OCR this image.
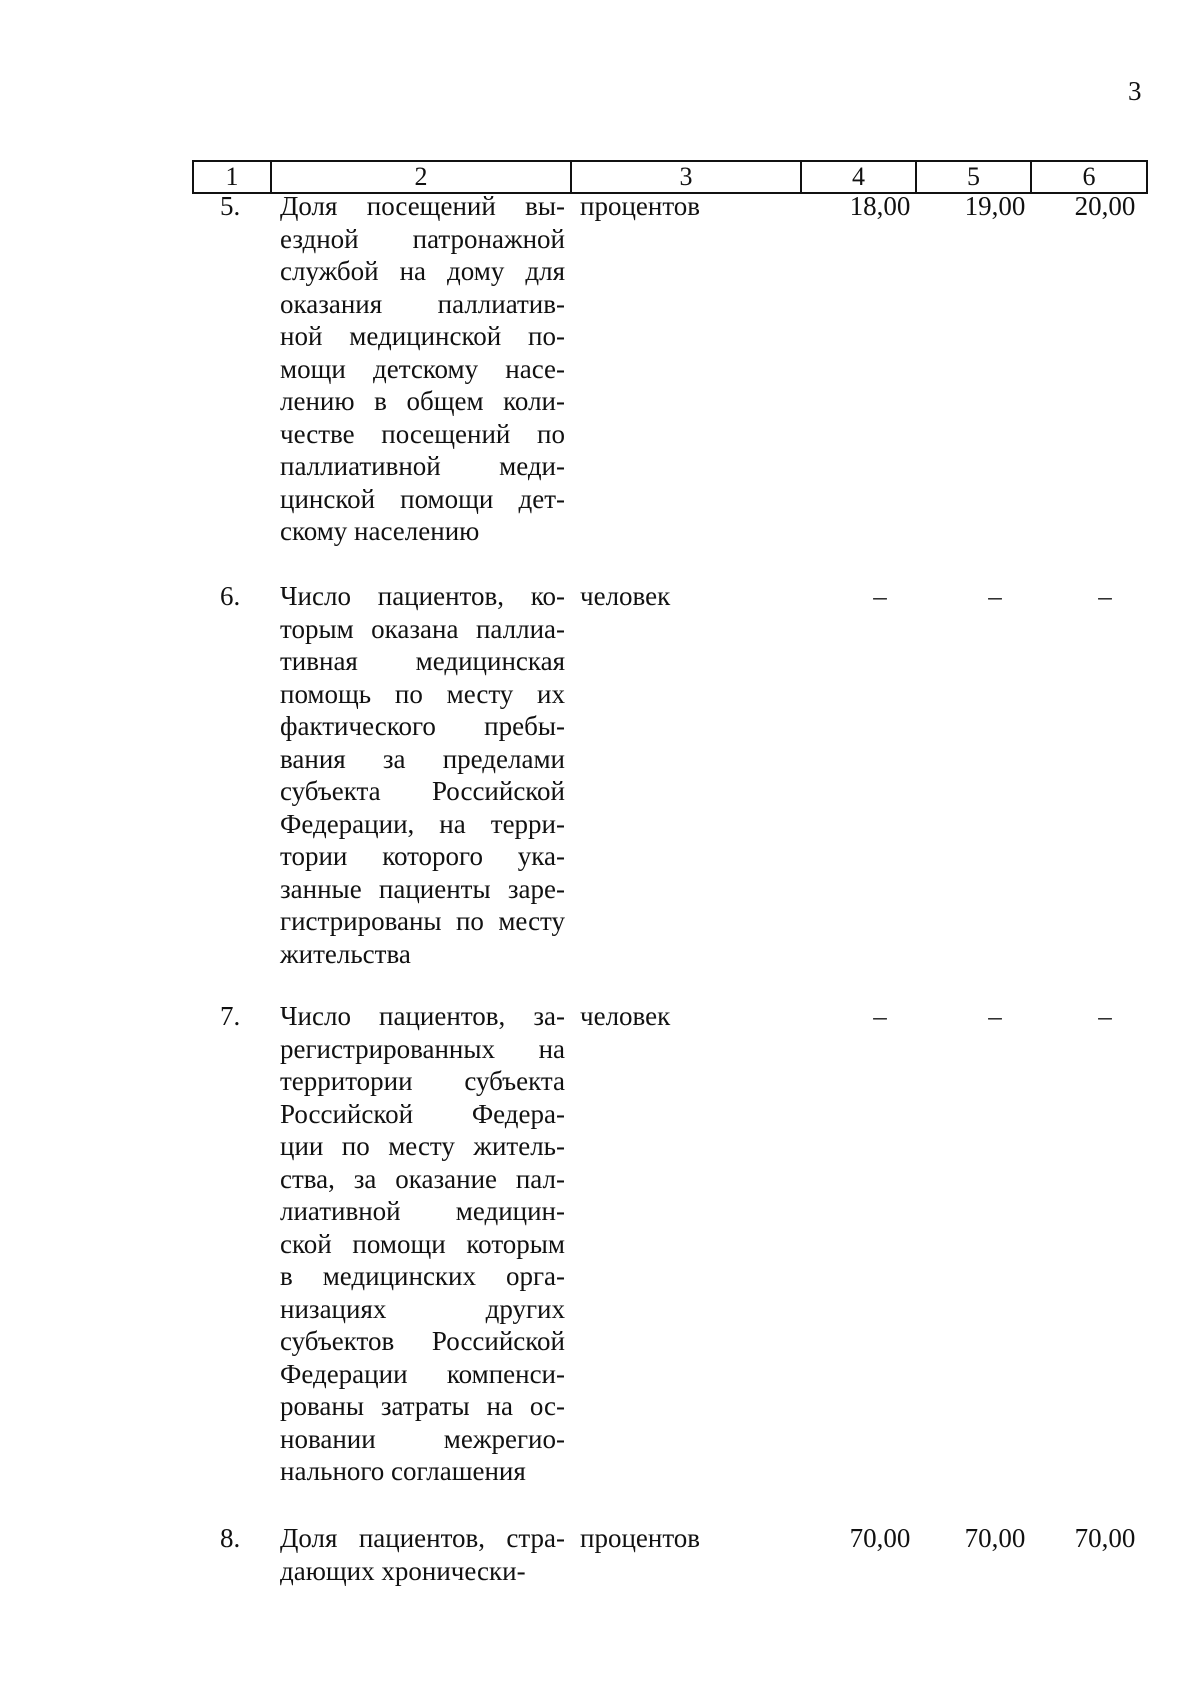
3
1	2	3	4	5	6
5.	Доля посещений вы-
ездной патронажной
службой на дому для
оказания паллиатив-
ной медицинской по-
мощи детскому насе-
лению в общем коли-
честве посещений по
паллиативной меди-
цинской помощи дет-
скому населению
процентов	18,00	19,00	20,00
6.	Число пациентов, ко-
торым оказана паллиа-
тивная медицинская
помощь по месту их
фактического пребы-
вания за пределами
субъекта Российской
Федерации, на терри-
тории которого ука-
занные пациенты заре-
гистрированы по месту
жительства
человек	–	–	–
7.	Число пациентов, за-
регистрированных на
территории субъекта
Российской Федера-
ции по месту житель-
ства, за оказание пал-
лиативной медицин-
ской помощи которым
в медицинских орга-
низациях других
субъектов Российской
Федерации компенси-
рованы затраты на ос-
новании межрегио-
нального соглашения
человек	–	–	–
8.	Доля пациентов, стра-
дающих хронически-
процентов	70,00	70,00	70,00
